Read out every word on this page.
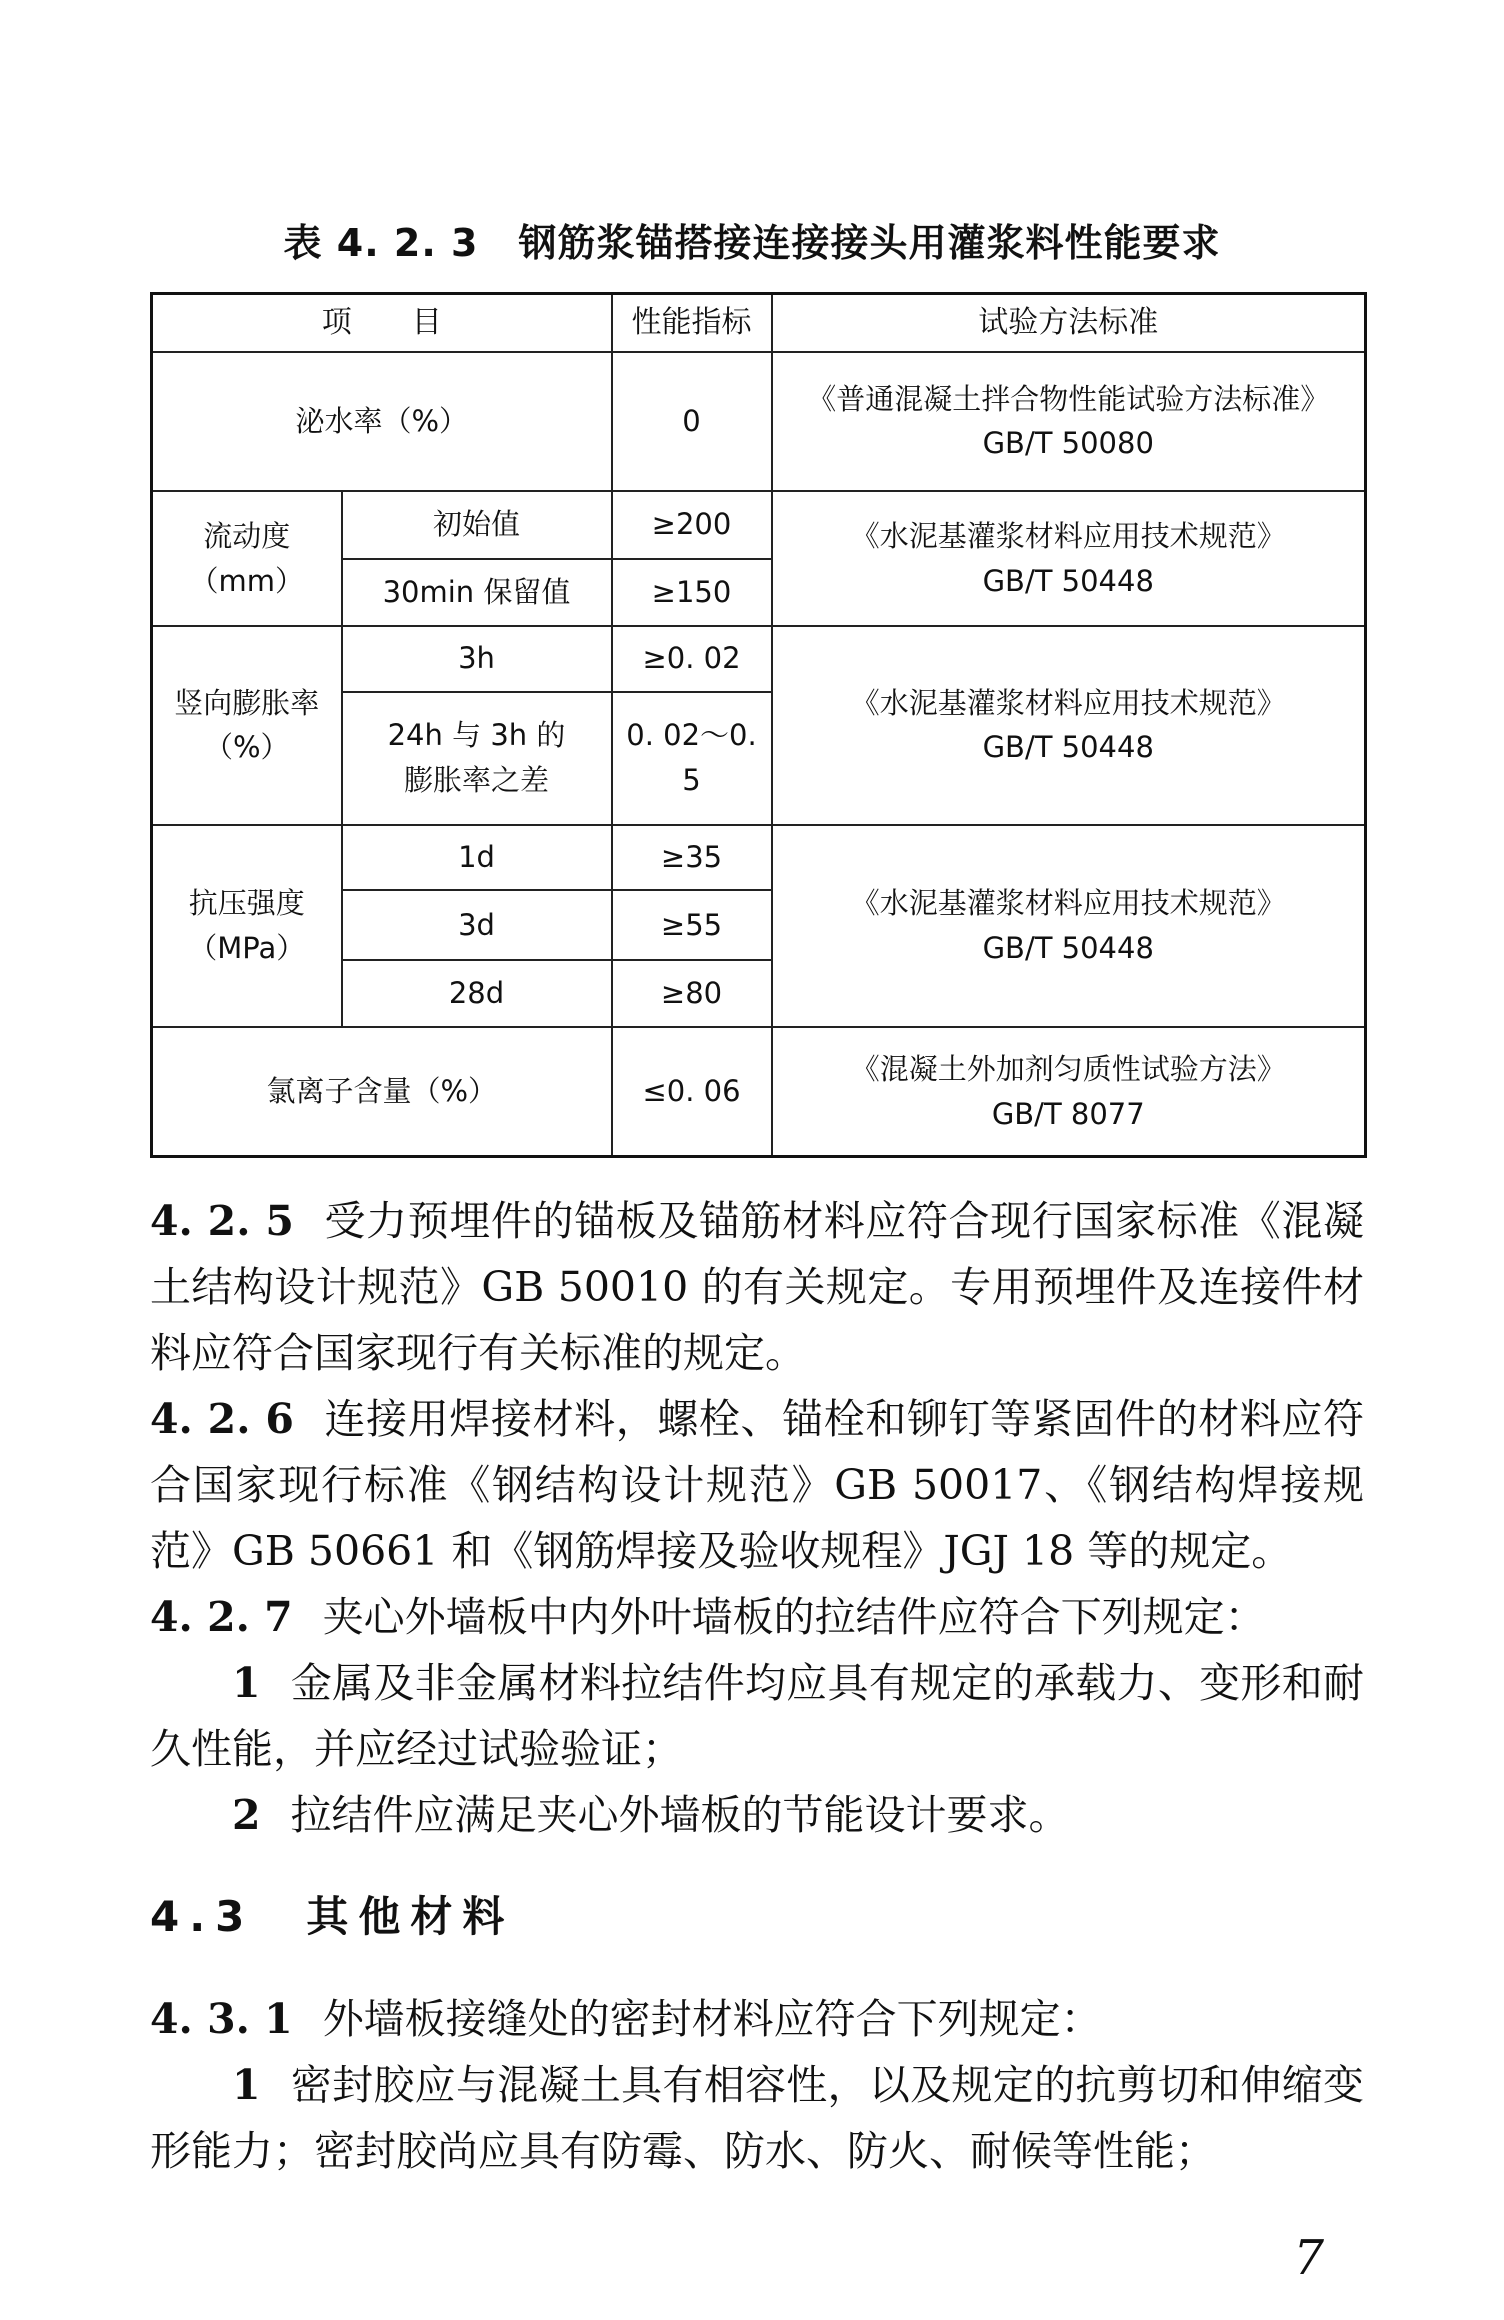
表 4. 2. 3 钢筋浆锚搭接连接接头用灌浆料性能要求
项　　目		性能指标	试验方法标准
泌水率（%）		0	《普通混凝土拌合物性能试验方法标准》
GB/T 50080

流动度
（mm）	初始值	≥200	《水泥基灌浆材料应用技术规范》
GB/T 50448

	30min 保留值	≥150	

竖向膨胀率
（%）	3h	≥0. 02	《水泥基灌浆材料应用技术规范》
GB/T 50448

	24h 与 3h 的
膨胀率之差	0. 02～0. 5	

抗压强度
（MPa）	1d	≥35	《水泥基灌浆材料应用技术规范》
GB/T 50448

	3d	≥55	
	28d	≥80	
氯离子含量（%）		≤0. 06	《混凝土外加剂匀质性试验方法》
GB/T 8077

4. 2. 5 受力预埋件的锚板及锚筋材料应符合现行国家标准《混凝土结构设计规范》GB 50010 的有关规定。专用预埋件及连接件材料应符合国家现行有关标准的规定。

4. 2. 6 连接用焊接材料，螺栓、锚栓和铆钉等紧固件的材料应符合国家现行标准《钢结构设计规范》GB 50017、《钢结构焊接规范》GB 50661 和《钢筋焊接及验收规程》JGJ 18 等的规定。

4. 2. 7 夹心外墙板中内外叶墙板的拉结件应符合下列规定：

1 金属及非金属材料拉结件均应具有规定的承载力、变形和耐久性能，并应经过试验验证；

2 拉结件应满足夹心外墙板的节能设计要求。

4.3　其他材料

4. 3. 1 外墙板接缝处的密封材料应符合下列规定：

1 密封胶应与混凝土具有相容性，以及规定的抗剪切和伸缩变形能力；密封胶尚应具有防霉、防水、防火、耐候等性能；

7
